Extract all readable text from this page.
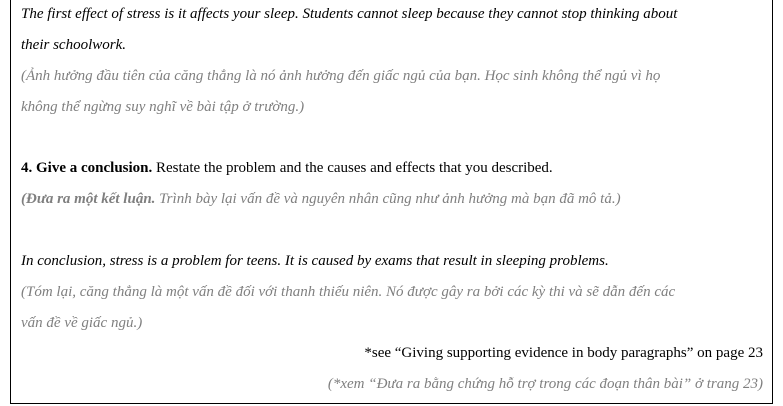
The first effect of stress is it affects your sleep. Students cannot sleep because they cannot stop thinking about
their schoolwork.
(Ảnh hưởng đầu tiên của căng thẳng là nó ảnh hưởng đến giấc ngủ của bạn. Học sinh không thể ngủ vì họ
không thể ngừng suy nghĩ về bài tập ở trường.)
4. Give a conclusion. Restate the problem and the causes and effects that you described.
(Đưa ra một kết luận. Trình bày lại vấn đề và nguyên nhân cũng như ảnh hưởng mà bạn đã mô tả.)
In conclusion, stress is a problem for teens. It is caused by exams that result in sleeping problems.
(Tóm lại, căng thẳng là một vấn đề đối với thanh thiếu niên. Nó được gây ra bởi các kỳ thi và sẽ dẫn đến các
vấn đề về giấc ngủ.)
*see “Giving supporting evidence in body paragraphs” on page 23
(*xem “Đưa ra bằng chứng hỗ trợ trong các đoạn thân bài” ở trang 23)
